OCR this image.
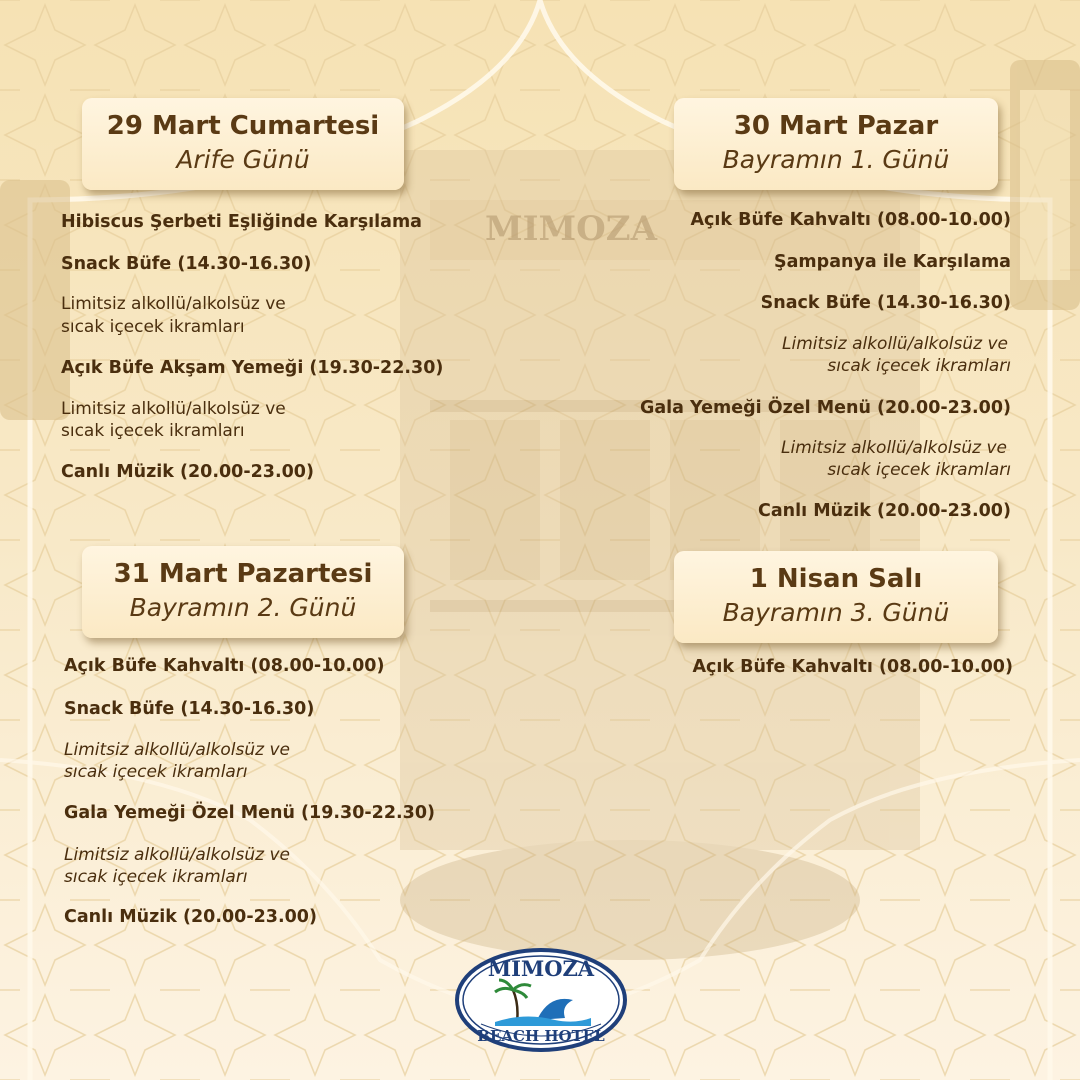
MIMOZA
29 Mart Cumartesi
Arife Günü
30 Mart Pazar
Bayramın 1. Günü
31 Mart Pazartesi
Bayramın 2. Günü
1 Nisan Salı
Bayramın 3. Günü
Hibiscus Şerbeti Eşliğinde Karşılama
Snack Büfe (14.30-16.30)
Limitsiz alkollü/alkolsüz ve
sıcak içecek ikramları
Açık Büfe Akşam Yemeği (19.30-22.30)
Limitsiz alkollü/alkolsüz ve
sıcak içecek ikramları
Canlı Müzik (20.00-23.00)
Açık Büfe Kahvaltı (08.00-10.00)
Şampanya ile Karşılama
Snack Büfe (14.30-16.30)
Limitsiz alkollü/alkolsüz ve
sıcak içecek ikramları
Gala Yemeği Özel Menü (20.00-23.00)
Limitsiz alkollü/alkolsüz ve
sıcak içecek ikramları
Canlı Müzik (20.00-23.00)
Açık Büfe Kahvaltı (08.00-10.00)
Snack Büfe (14.30-16.30)
Limitsiz alkollü/alkolsüz ve
sıcak içecek ikramları
Gala Yemeği Özel Menü (19.30-22.30)
Limitsiz alkollü/alkolsüz ve
sıcak içecek ikramları
Canlı Müzik (20.00-23.00)
Açık Büfe Kahvaltı (08.00-10.00)
MIMOZA
BEACH HOTEL
